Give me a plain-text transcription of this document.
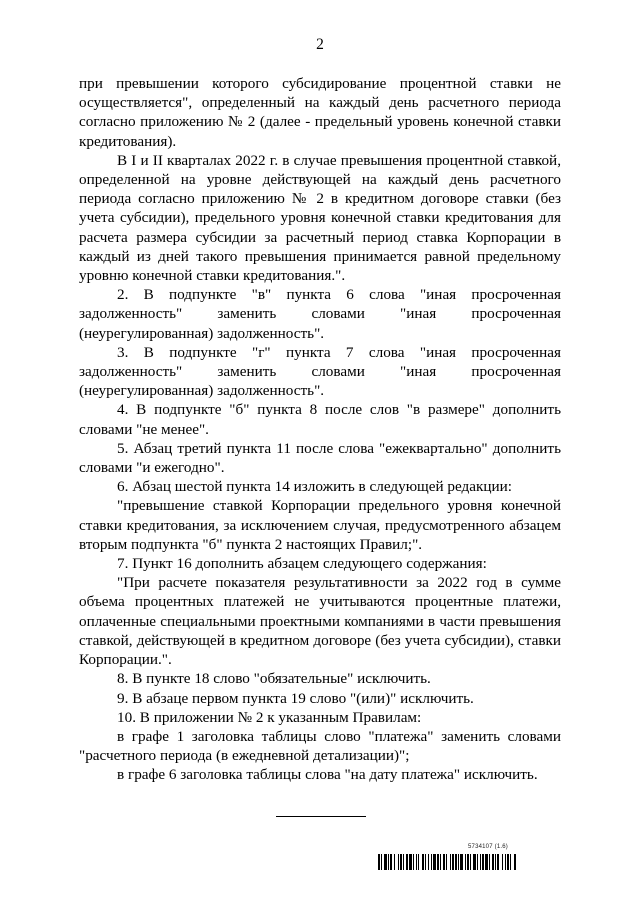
2

при превышении которого субсидирование процентной ставки не осуществляется", определенный на каждый день расчетного периода согласно приложению № 2 (далее - предельный уровень конечной ставки кредитования).

В I и II кварталах 2022 г. в случае превышения процентной ставкой, определенной на уровне действующей на каждый день расчетного периода согласно приложению № 2 в кредитном договоре ставки (без учета субсидии), предельного уровня конечной ставки кредитования для расчета размера субсидии за расчетный период ставка Корпорации в каждый из дней такого превышения принимается равной предельному уровню конечной ставки кредитования.".

2. В подпункте "в" пункта 6 слова "иная просроченная задолженность" заменить словами "иная просроченная (неурегулированная) задолженность".

3. В подпункте "г" пункта 7 слова "иная просроченная задолженность" заменить словами "иная просроченная (неурегулированная) задолженность".

4. В подпункте "б" пункта 8 после слов "в размере" дополнить словами "не менее".

5. Абзац третий пункта 11 после слова "ежеквартально" дополнить словами "и ежегодно".

6. Абзац шестой пункта 14 изложить в следующей редакции:

"превышение ставкой Корпорации предельного уровня конечной ставки кредитования, за исключением случая, предусмотренного абзацем вторым подпункта "б" пункта 2 настоящих Правил;".

7. Пункт 16 дополнить абзацем следующего содержания:

"При расчете показателя результативности за 2022 год в сумме объема процентных платежей не учитываются процентные платежи, оплаченные специальными проектными компаниями в части превышения ставкой, действующей в кредитном договоре (без учета субсидии), ставки Корпорации.".

8. В пункте 18 слово "обязательные" исключить.

9. В абзаце первом пункта 19 слово "(или)" исключить.

10. В приложении № 2 к указанным Правилам:

в графе 1 заголовка таблицы слово "платежа" заменить словами "расчетного периода (в ежедневной детализации)";

в графе 6 заголовка таблицы слова "на дату платежа" исключить.

5734107 (1.6)
